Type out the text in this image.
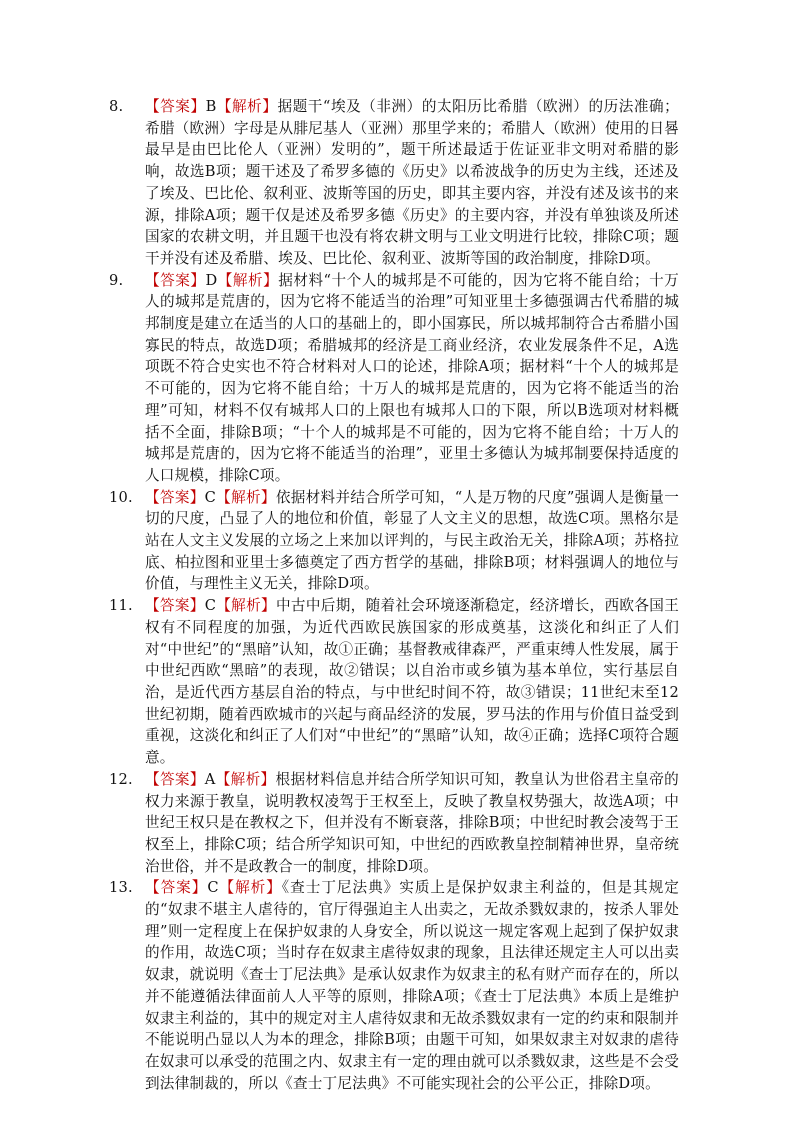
8.	【答案】B【解析】据题干“埃及（非洲）的太阳历比希腊（欧洲）的历法准确；希腊（欧洲）字母是从腓尼基人（亚洲）那里学来的；希腊人（欧洲）使用的日晷最早是由巴比伦人（亚洲）发明的”，题干所述最适于佐证亚非文明对希腊的影响，故选B项；题干述及了希罗多德的《历史》以希波战争的历史为主线，还述及了埃及、巴比伦、叙利亚、波斯等国的历史，即其主要内容，并没有述及该书的来源，排除A项；题干仅是述及希罗多德《历史》的主要内容，并没有单独谈及所述国家的农耕文明，并且题干也没有将农耕文明与工业文明进行比较，排除C项；题干并没有述及希腊、埃及、巴比伦、叙利亚、波斯等国的政治制度，排除D项。
9.	【答案】D【解析】据材料“十个人的城邦是不可能的，因为它将不能自给；十万人的城邦是荒唐的，因为它将不能适当的治理”可知亚里士多德强调古代希腊的城邦制度是建立在适当的人口的基础上的，即小国寡民，所以城邦制符合古希腊小国寡民的特点，故选D项；希腊城邦的经济是工商业经济，农业发展条件不足，A选项既不符合史实也不符合材料对人口的论述，排除A项；据材料“十个人的城邦是不可能的，因为它将不能自给；十万人的城邦是荒唐的，因为它将不能适当的治理”可知，材料不仅有城邦人口的上限也有城邦人口的下限，所以B选项对材料概括不全面，排除B项；“十个人的城邦是不可能的，因为它将不能自给；十万人的城邦是荒唐的，因为它将不能适当的治理”，亚里士多德认为城邦制要保持适度的人口规模，排除C项。
10. 【答案】C【解析】依据材料并结合所学可知，“人是万物的尺度”强调人是衡量一切的尺度，凸显了人的地位和价值，彰显了人文主义的思想，故选C项。黑格尔是站在人文主义发展的立场之上来加以评判的，与民主政治无关，排除A项；苏格拉底、柏拉图和亚里士多德奠定了西方哲学的基础，排除B项；材料强调人的地位与价值，与理性主义无关，排除D项。
11. 【答案】C【解析】中古中后期，随着社会环境逐渐稳定，经济增长，西欧各国王权有不同程度的加强，为近代西欧民族国家的形成奠基，这淡化和纠正了人们对“中世纪”的“黑暗”认知，故①正确；基督教戒律森严，严重束缚人性发展，属于中世纪西欧“黑暗”的表现，故②错误；以自治市或乡镇为基本单位，实行基层自治，是近代西方基层自治的特点，与中世纪时间不符，故③错误；11世纪末至12世纪初期，随着西欧城市的兴起与商品经济的发展，罗马法的作用与价值日益受到重视，这淡化和纠正了人们对“中世纪”的“黑暗”认知，故④正确；选择C项符合题意。
12. 【答案】A【解析】根据材料信息并结合所学知识可知，教皇认为世俗君主皇帝的权力来源于教皇，说明教权凌驾于王权至上，反映了教皇权势强大，故选A项；中世纪王权只是在教权之下，但并没有不断衰落，排除B项；中世纪时教会凌驾于王权至上，排除C项；结合所学知识可知，中世纪的西欧教皇控制精神世界，皇帝统治世俗，并不是政教合一的制度，排除D项。
13. 【答案】C【解析】《查士丁尼法典》实质上是保护奴隶主利益的，但是其规定的“奴隶不堪主人虐待的，官厅得强迫主人出卖之，无故杀戮奴隶的，按杀人罪处理”则一定程度上在保护奴隶的人身安全，所以说这一规定客观上起到了保护奴隶的作用，故选C项；当时存在奴隶主虐待奴隶的现象，且法律还规定主人可以出卖奴隶，就说明《查士丁尼法典》是承认奴隶作为奴隶主的私有财产而存在的，所以并不能遵循法律面前人人平等的原则，排除A项；《查士丁尼法典》本质上是维护奴隶主利益的，其中的规定对主人虐待奴隶和无故杀戮奴隶有一定的约束和限制并不能说明凸显以人为本的理念，排除B项；由题干可知，如果奴隶主对奴隶的虐待在奴隶可以承受的范围之内、奴隶主有一定的理由就可以杀戮奴隶，这些是不会受到法律制裁的，所以《查士丁尼法典》不可能实现社会的公平公正，排除D项。
